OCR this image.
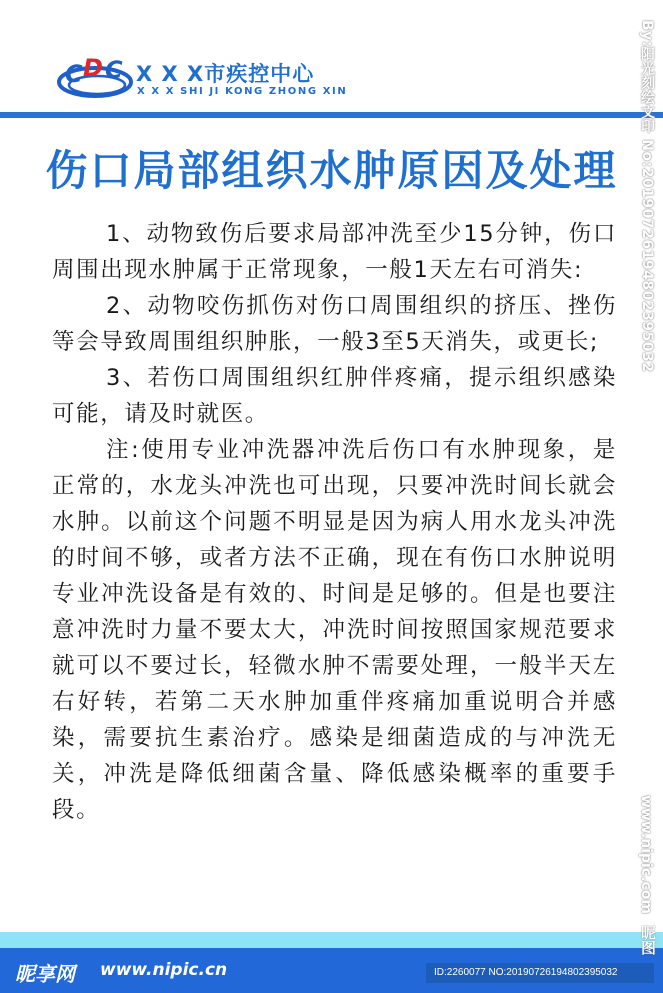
C D C X X X市疾控中心
X X X SHI JI KONG ZHONG XIN
伤口局部组织水肿原因及处理

1、动物致伤后要求局部冲洗至少15分钟，伤口周围出现水肿属于正常现象，一般1天左右可消失:

2、动物咬伤抓伤对伤口周围组织的挤压、挫伤等会导致周围组织肿胀，一般3至5天消失，或更长;

3、若伤口周围组织红肿伴疼痛，提示组织感染可能，请及时就医。

注:使用专业冲洗器冲洗后伤口有水肿现象，是正常的，水龙头冲洗也可出现，只要冲洗时间长就会水肿。以前这个问题不明显是因为病人用水龙头冲洗的时间不够，或者方法不正确，现在有伤口水肿说明专业冲洗设备是有效的、时间是足够的。但是也要注意冲洗时力量不要太大，冲洗时间按照国家规范要求就可以不要过长，轻微水肿不需要处理，一般半天左右好转，若第二天水肿加重伴疼痛加重说明合并感染，需要抗生素治疗。感染是细菌造成的与冲洗无关，冲洗是降低细菌含量、降低感染概率的重要手段。

By:阳光刻绘文印 No:20190726194802395032
www.nipic.com
昵享网 www.nipic.cn	ID:2260077 NO:20190726194802395032
昵图
